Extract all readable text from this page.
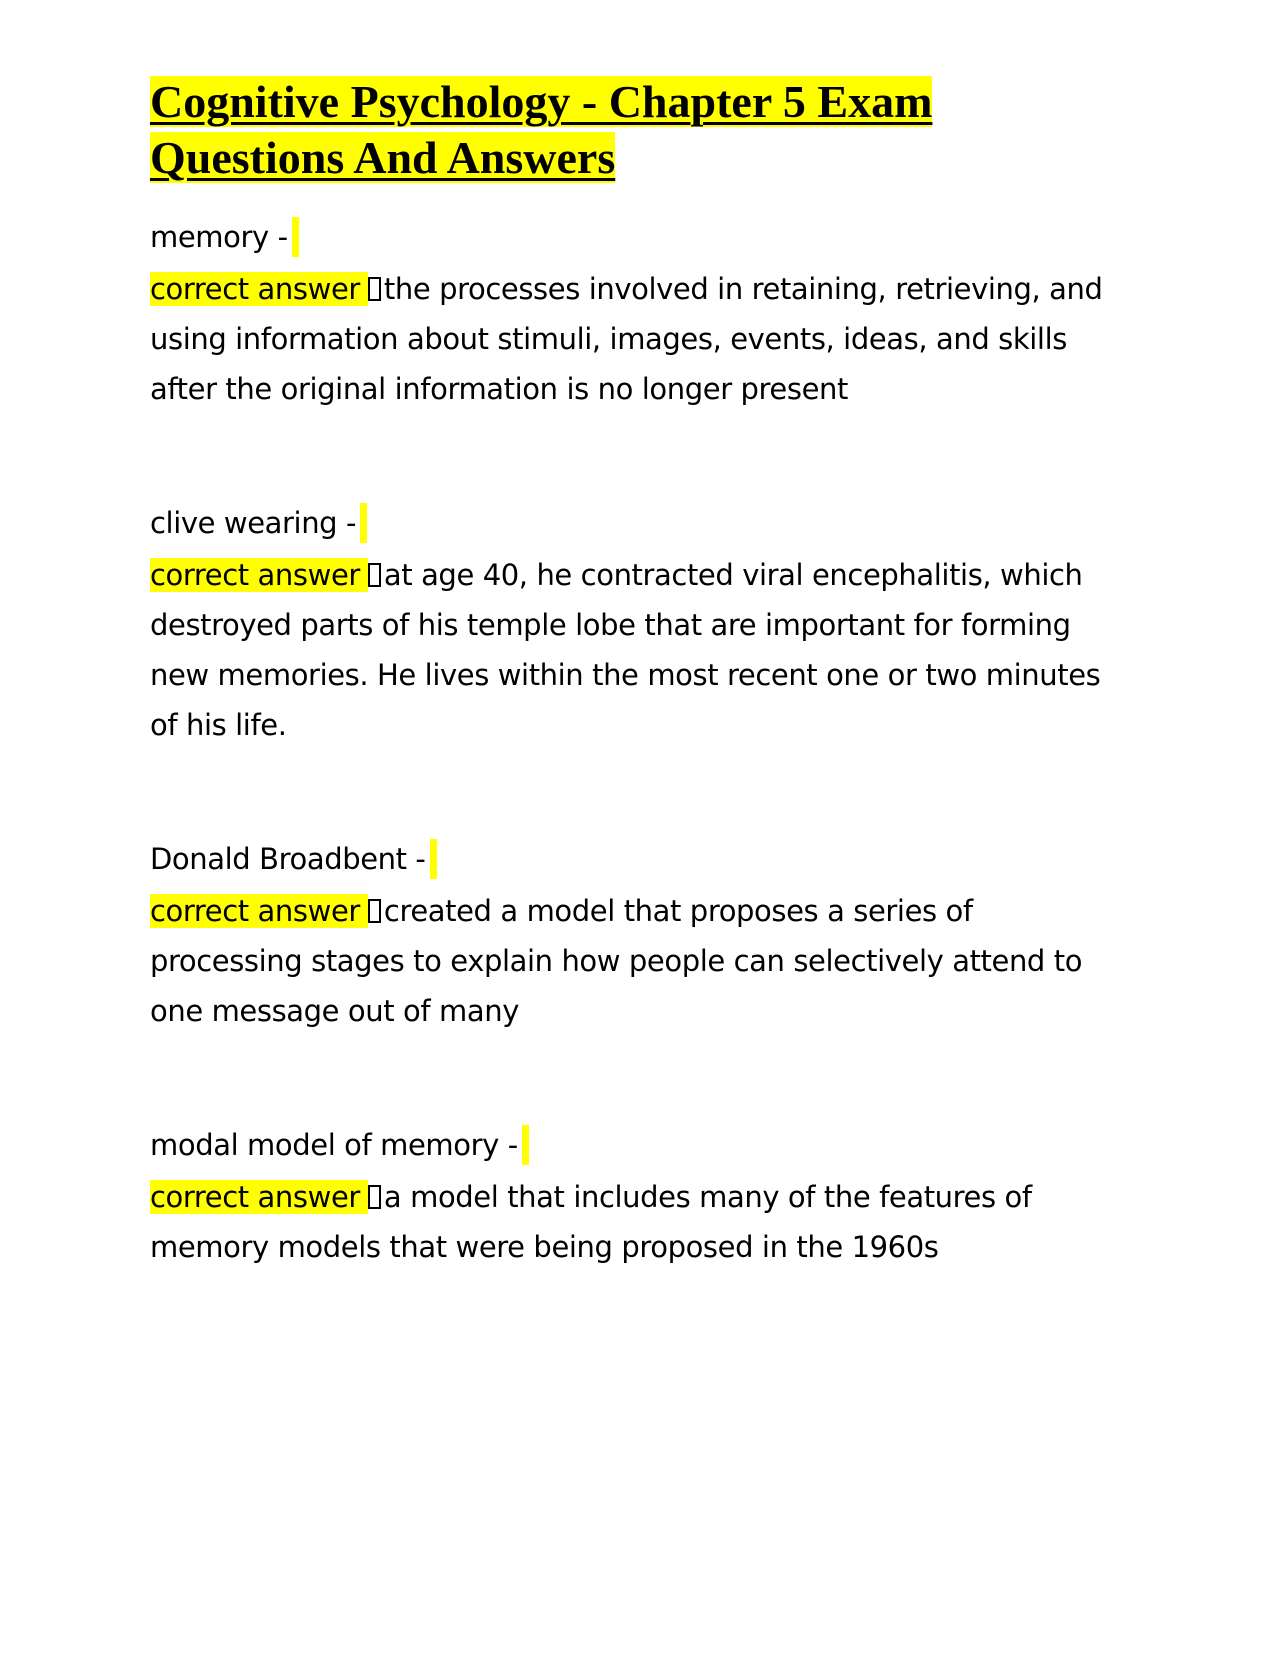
Cognitive Psychology - Chapter 5 Exam
Questions And Answers
memory -

correct answer the processes involved in retaining, retrieving, and using information about stimuli, images, events, ideas, and skills after the original information is no longer present

clive wearing -

correct answer at age 40, he contracted viral encephalitis, which destroyed parts of his temple lobe that are important for forming new memories. He lives within the most recent one or two minutes of his life.

Donald Broadbent -

correct answer created a model that proposes a series of processing stages to explain how people can selectively attend to one message out of many

modal model of memory -

correct answer a model that includes many of the features of memory models that were being proposed in the 1960s
